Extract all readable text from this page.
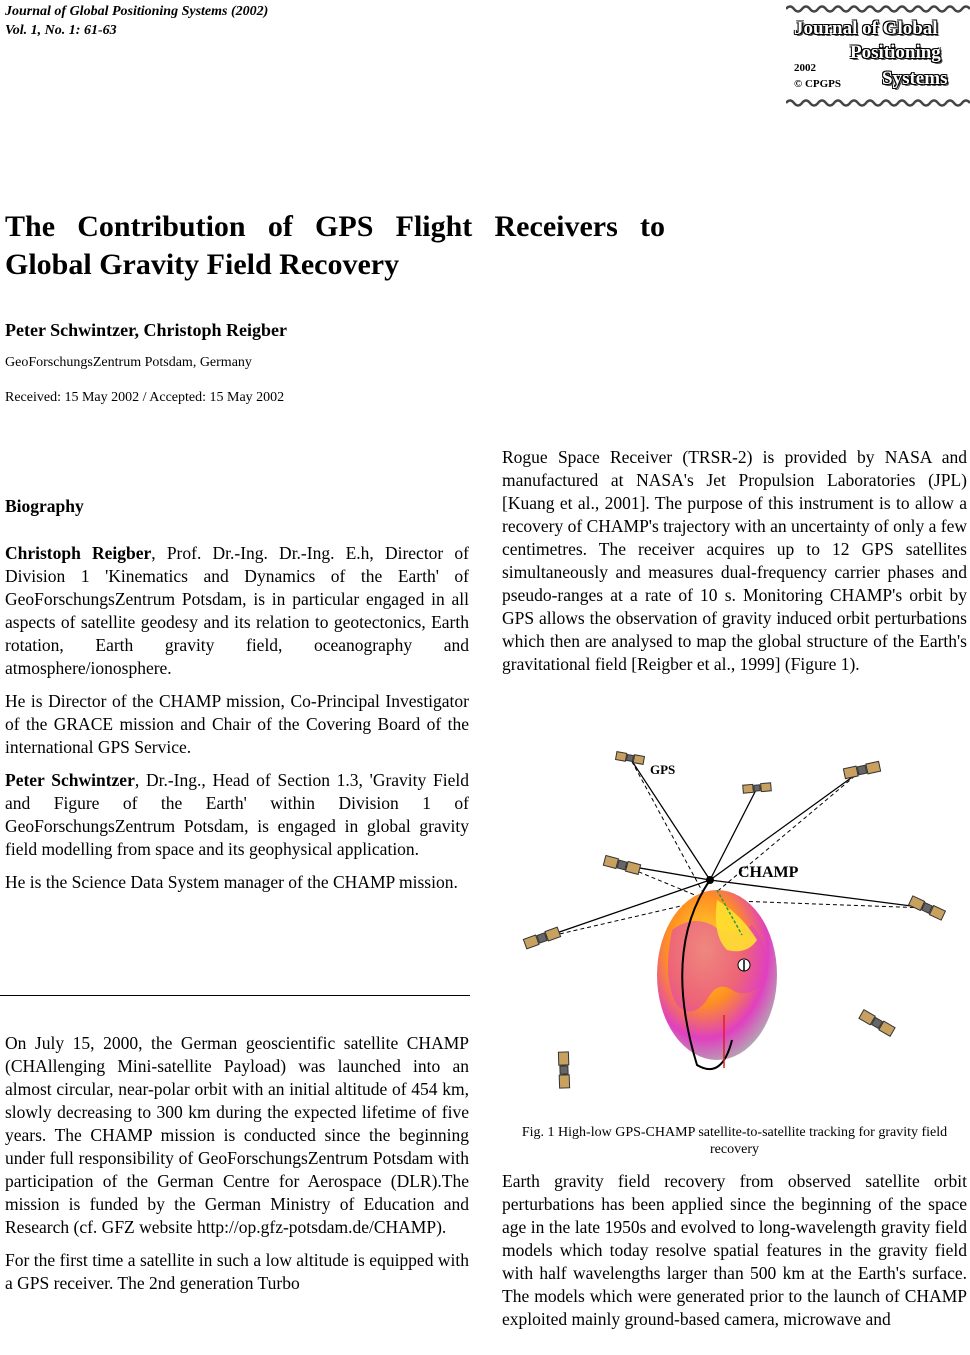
Journal of Global Positioning Systems (2002)
Vol. 1, No. 1: 61-63	Journal of Global
Positioning
Systems
2002
© CPGPS
The Contribution of GPS Flight Receivers to Global Gravity Field Recovery
Peter Schwintzer, Christoph Reigber
GeoForschungsZentrum Potsdam, Germany
Received: 15 May 2002 / Accepted: 15 May 2002
Biography

Christoph Reigber, Prof. Dr.-Ing. Dr.-Ing. E.h, Director of Division 1 'Kinematics and Dynamics of the Earth' of GeoForschungsZentrum Potsdam, is in particular engaged in all aspects of satellite geodesy and its relation to geotectonics, Earth rotation, Earth gravity field, oceanography and atmosphere/ionosphere.

He is Director of the CHAMP mission, Co-Principal Investigator of the GRACE mission and Chair of the Covering Board of the international GPS Service.

Peter Schwintzer, Dr.-Ing., Head of Section 1.3, 'Gravity Field and Figure of the Earth' within Division 1 of GeoForschungsZentrum Potsdam, is engaged in global gravity field modelling from space and its geophysical application.

He is the Science Data System manager of the CHAMP mission.

On July 15, 2000, the German geoscientific satellite CHAMP (CHAllenging Mini-satellite Payload) was launched into an almost circular, near-polar orbit with an initial altitude of 454 km, slowly decreasing to 300 km during the expected lifetime of five years. The CHAMP mission is conducted since the beginning under full responsibility of GeoForschungsZentrum Potsdam with participation of the German Centre for Aerospace (DLR).The mission is funded by the German Ministry of Education and Research (cf. GFZ website http://op.gfz-potsdam.de/CHAMP).

For the first time a satellite in such a low altitude is equipped with a GPS receiver. The 2nd generation Turbo

Rogue Space Receiver (TRSR-2) is provided by NASA and manufactured at NASA's Jet Propulsion Laboratories (JPL) [Kuang et al., 2001]. The purpose of this instrument is to allow a recovery of CHAMP's trajectory with an uncertainty of only a few centimetres. The receiver acquires up to 12 GPS satellites simultaneously and measures dual-frequency carrier phases and pseudo-ranges at a rate of 10 s. Monitoring CHAMP's orbit by GPS allows the observation of gravity induced orbit perturbations which then are analysed to map the global structure of the Earth's gravitational field [Reigber et al., 1999] (Figure 1).

GPS
CHAMP
Fig. 1 High-low GPS-CHAMP satellite-to-satellite tracking for gravity field recovery

Earth gravity field recovery from observed satellite orbit perturbations has been applied since the beginning of the space age in the late 1950s and evolved to long-wavelength gravity field models which today resolve spatial features in the gravity field with half wavelengths larger than 500 km at the Earth's surface. The models which were generated prior to the launch of CHAMP exploited mainly ground-based camera, microwave and
